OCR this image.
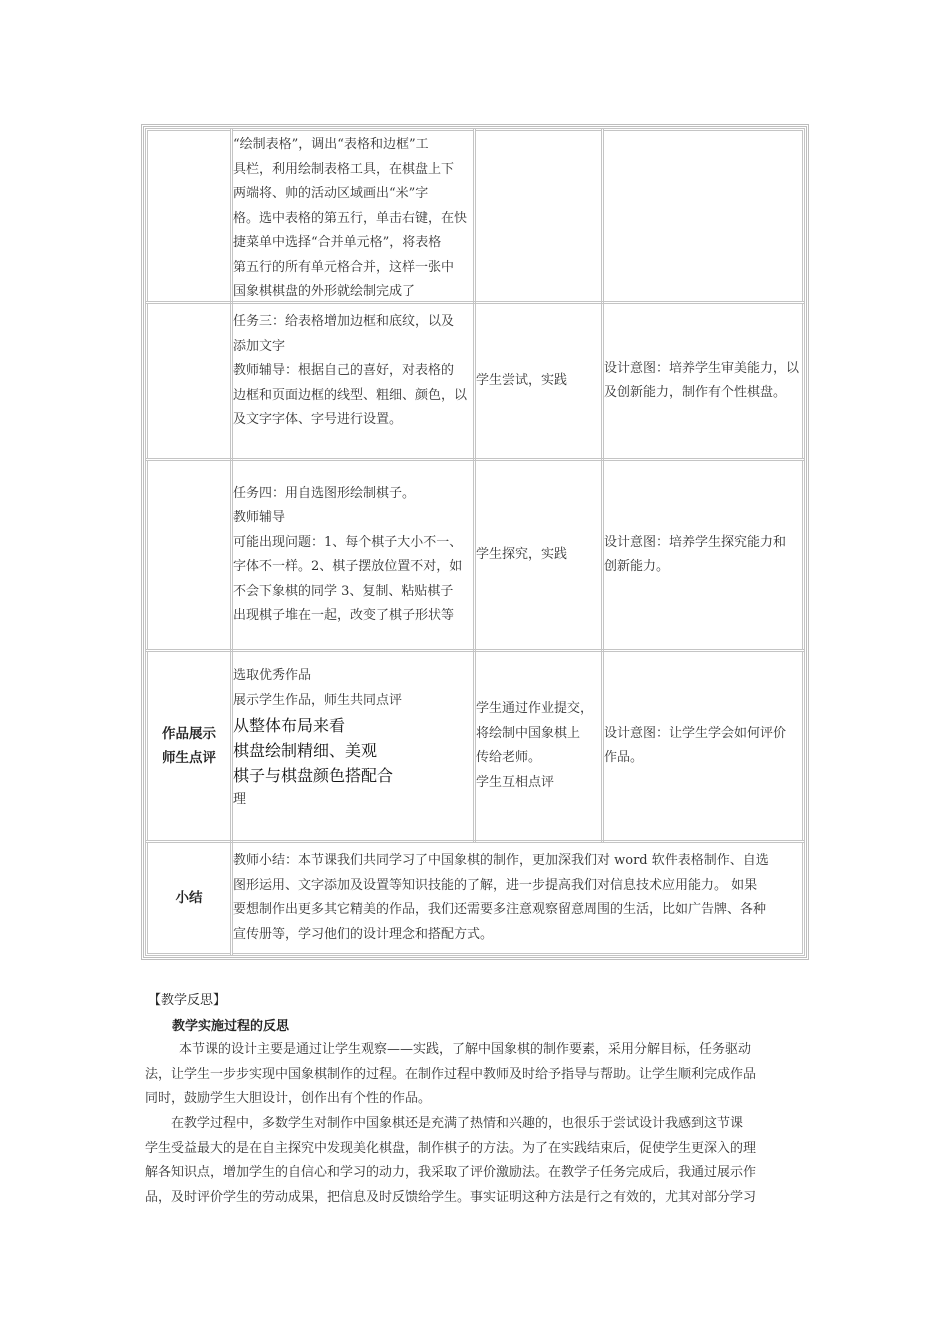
“绘制表格”，调出“表格和边框”工

具栏，利用绘制表格工具，在棋盘上下

两端将、帅的活动区域画出“米”字

格。选中表格的第五行，单击右键，在快

捷菜单中选择“合并单元格”，将表格

第五行的所有单元格合并，这样一张中

国象棋棋盘的外形就绘制完成了

任务三：给表格增加边框和底纹，以及

添加文字

教师辅导：根据自己的喜好，对表格的

边框和页面边框的线型、粗细、颜色，以

及文字字体、字号进行设置。

学生尝试，实践

设计意图：培养学生审美能力，以

及创新能力，制作有个性棋盘。

任务四：用自选图形绘制棋子。

教师辅导

可能出现问题：1、每个棋子大小不一、

字体不一样。2、棋子摆放位置不对，如

不会下象棋的同学 3、复制、粘贴棋子

出现棋子堆在一起，改变了棋子形状等

学生探究，实践

设计意图：培养学生探究能力和

创新能力。

作品展示

师生点评

选取优秀作品

展示学生作品，师生共同点评

从整体布局来看

棋盘绘制精细、美观

棋子与棋盘颜色搭配合

理

学生通过作业提交，

将绘制中国象棋上

传给老师。

学生互相点评

设计意图：让学生学会如何评价

作品。

小结

教师小结：本节课我们共同学习了中国象棋的制作，更加深我们对 word 软件表格制作、自选

图形运用、文字添加及设置等知识技能的了解，进一步提高我们对信息技术应用能力。 如果

要想制作出更多其它精美的作品，我们还需要多注意观察留意周围的生活，比如广告牌、各种

宣传册等，学习他们的设计理念和搭配方式。

【教学反思】
教学实施过程的反思

本节课的设计主要是通过让学生观察——实践，了解中国象棋的制作要素，采用分解目标，任务驱动

法，让学生一步步实现中国象棋制作的过程。在制作过程中教师及时给予指导与帮助。让学生顺利完成作品

同时，鼓励学生大胆设计，创作出有个性的作品。

在教学过程中，多数学生对制作中国象棋还是充满了热情和兴趣的，也很乐于尝试设计我感到这节课

学生受益最大的是在自主探究中发现美化棋盘，制作棋子的方法。为了在实践结束后，促使学生更深入的理

解各知识点，增加学生的自信心和学习的动力，我采取了评价激励法。在教学子任务完成后，我通过展示作

品，及时评价学生的劳动成果，把信息及时反馈给学生。事实证明这种方法是行之有效的，尤其对部分学习
